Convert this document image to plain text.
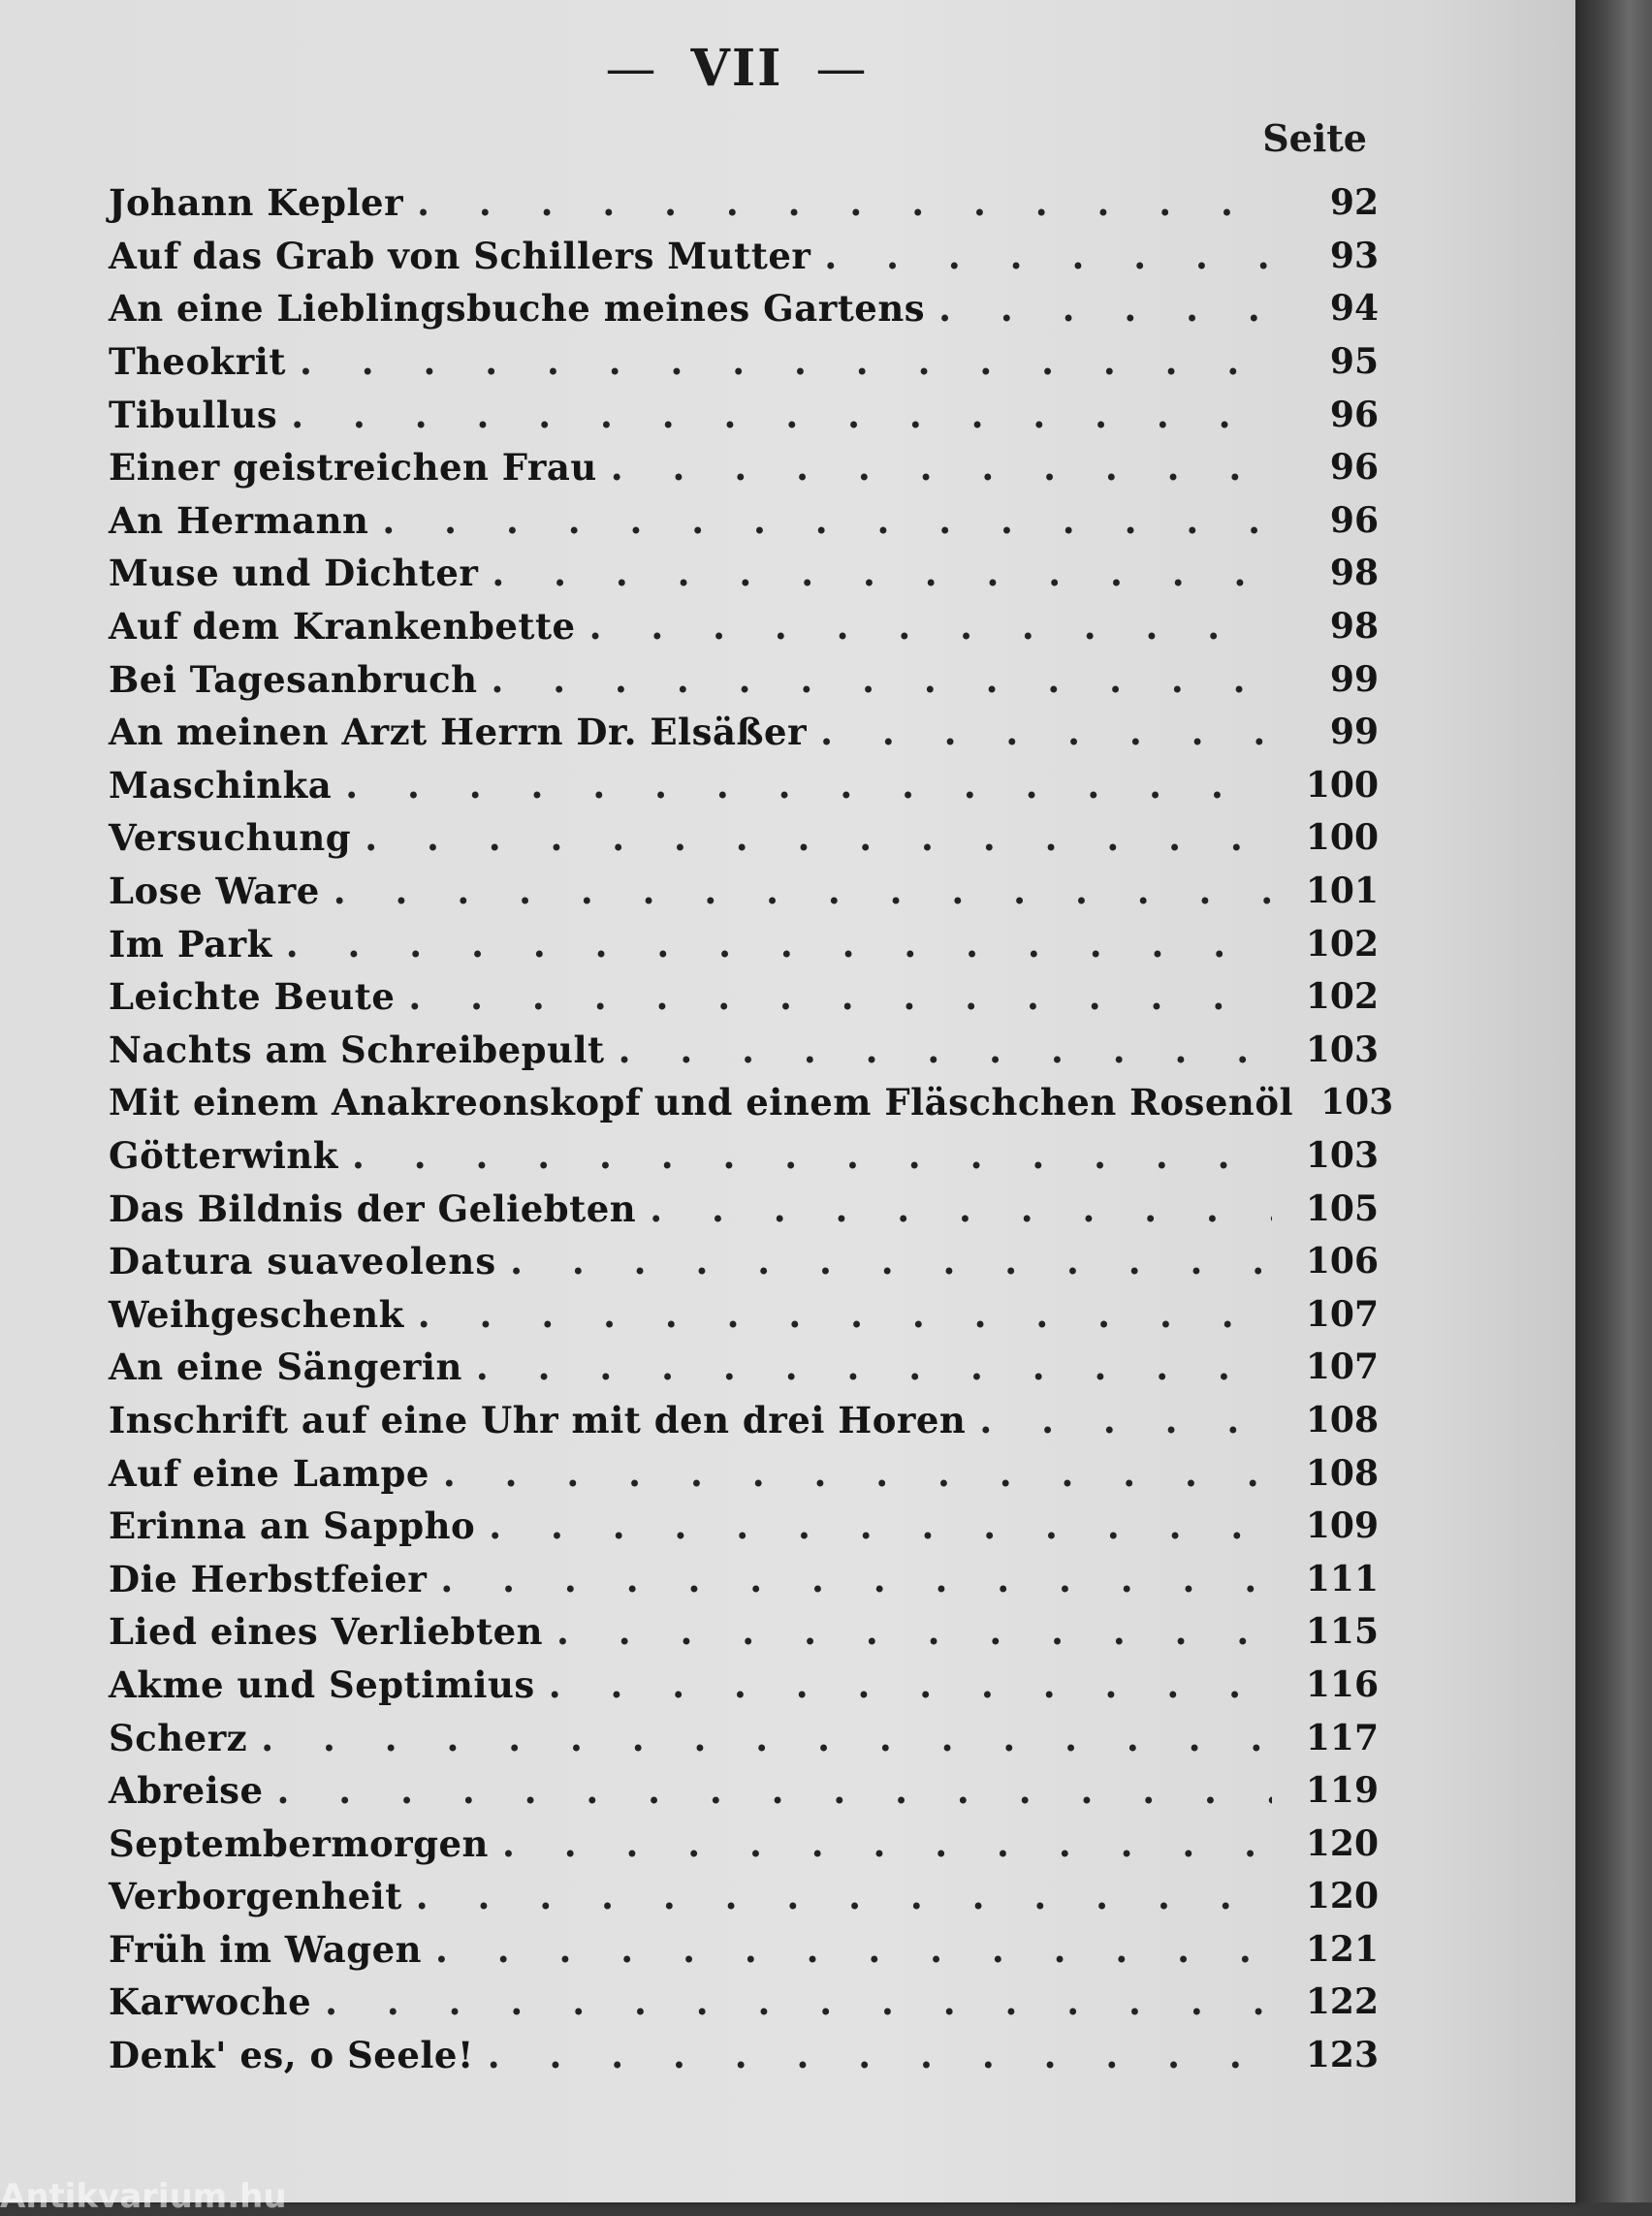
— VII —
Seite
Johann Kepler . . .	92
Auf das Grab von Schillers Mutter . . .	93
An eine Lieblingsbuche meines Gartens . . .	94
Theokrit . . .	95
Tibullus . . .	96
Einer geistreichen Frau . . .	96
An Hermann . . .	96
Muse und Dichter . . .	98
Auf dem Krankenbette . . .	98
Bei Tagesanbruch . . .	99
An meinen Arzt Herrn Dr. Elsäßer . . .	99
Maschinka . . .	100
Versuchung . . .	100
Lose Ware . . .	101
Im Park . . .	102
Leichte Beute . . .	102
Nachts am Schreibepult . . .	103
Mit einem Anakreonskopf und einem Fläschchen Rosenöl 103
Götterwink . . .	103
Das Bildnis der Geliebten . . .	105
Datura suaveolens . . .	106
Weihgeschenk . . .	107
An eine Sängerin . . .	107
Inschrift auf eine Uhr mit den drei Horen . . .	108
Auf eine Lampe . . .	108
Erinna an Sappho . . .	109
Die Herbstfeier . . .	111
Lied eines Verliebten . . .	115
Akme und Septimius . . .	116
Scherz . . .	117
Abreise . . .	119
Septembermorgen . . .	120
Verborgenheit . . .	120
Früh im Wagen . . .	121
Karwoche . . .	122
Denk' es, o Seele! . . .	123
Antikvarium.hu
